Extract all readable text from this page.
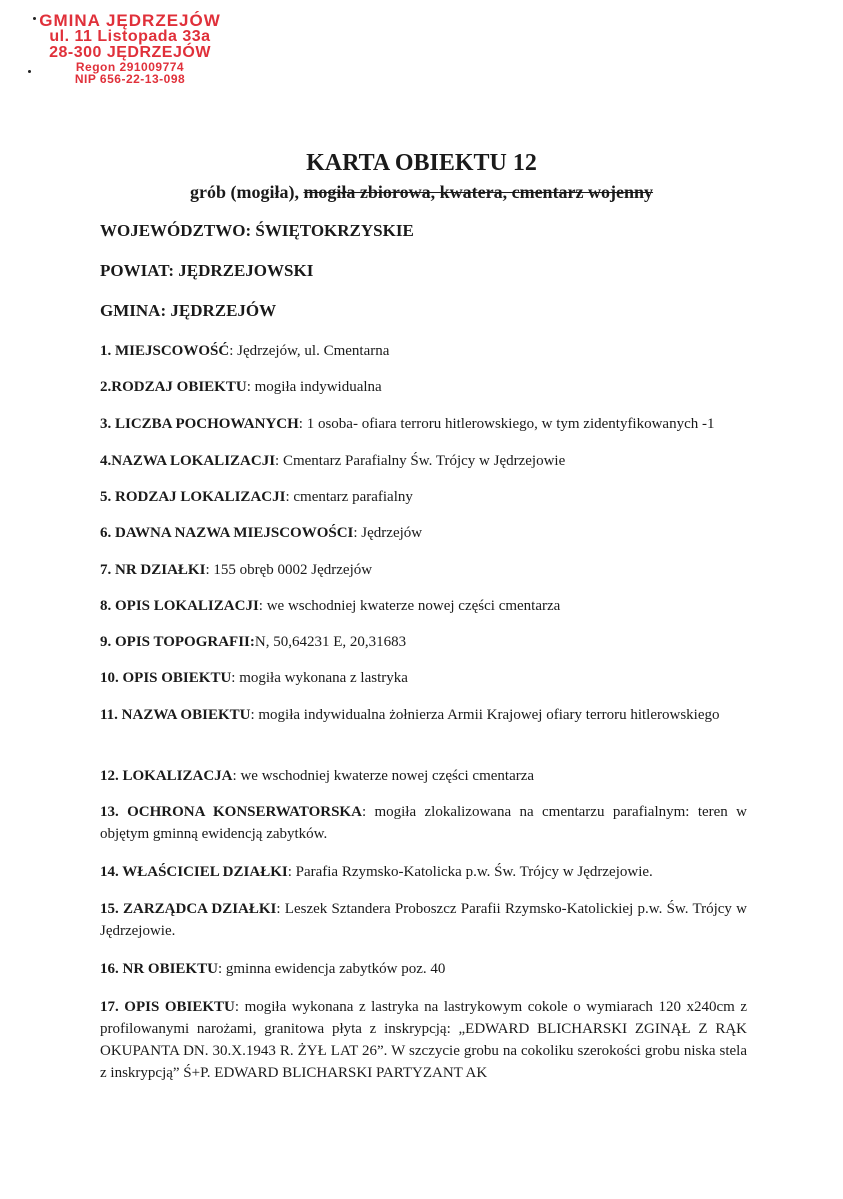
GMINA JĘDRZEJÓW
ul. 11 Listopada 33a
28-300 JĘDRZEJÓW
Regon 291009774
NIP 656-22-13-098
KARTA OBIEKTU 12
grób (mogiła), mogiła zbiorowa, kwatera, cmentarz wojenny
WOJEWÓDZTWO: ŚWIĘTOKRZYSKIE
POWIAT: JĘDRZEJOWSKI
GMINA: JĘDRZEJÓW
1. MIEJSCOWOŚĆ: Jędrzejów, ul. Cmentarna
2.RODZAJ OBIEKTU: mogiła indywidualna
3. LICZBA POCHOWANYCH: 1 osoba- ofiara terroru hitlerowskiego, w tym zidentyfikowanych -1
4.NAZWA LOKALIZACJI: Cmentarz Parafialny Św. Trójcy w Jędrzejowie
5. RODZAJ LOKALIZACJI: cmentarz parafialny
6. DAWNA NAZWA MIEJSCOWOŚCI: Jędrzejów
7. NR DZIAŁKI: 155 obręb 0002 Jędrzejów
8. OPIS LOKALIZACJI: we wschodniej kwaterze nowej części cmentarza
9. OPIS TOPOGRAFII:N, 50,64231 E, 20,31683
10. OPIS OBIEKTU: mogiła wykonana z lastryka
11. NAZWA OBIEKTU: mogiła indywidualna żołnierza Armii Krajowej ofiary terroru hitlerowskiego
12. LOKALIZACJA: we wschodniej kwaterze nowej części cmentarza
13. OCHRONA KONSERWATORSKA: mogiła zlokalizowana na cmentarzu parafialnym: teren w objętym gminną ewidencją zabytków.
14. WŁAŚCICIEL DZIAŁKI: Parafia Rzymsko-Katolicka p.w. Św. Trójcy w Jędrzejowie.
15. ZARZĄDCA DZIAŁKI: Leszek Sztandera Proboszcz Parafii Rzymsko-Katolickiej p.w. Św. Trójcy w Jędrzejowie.
16. NR OBIEKTU: gminna ewidencja zabytków poz. 40
17. OPIS OBIEKTU: mogiła wykonana z lastryka na lastrykowym cokole o wymiarach 120 x240cm z profilowanymi narożami, granitowa płyta z inskrypcją: „EDWARD BLICHARSKI ZGINĄŁ Z RĄK OKUPANTA DN. 30.X.1943 R. ŻYŁ LAT 26”. W szczycie grobu na cokoliku szerokości grobu niska stela z inskrypcją” Ś+P. EDWARD BLICHARSKI PARTYZANT AK
